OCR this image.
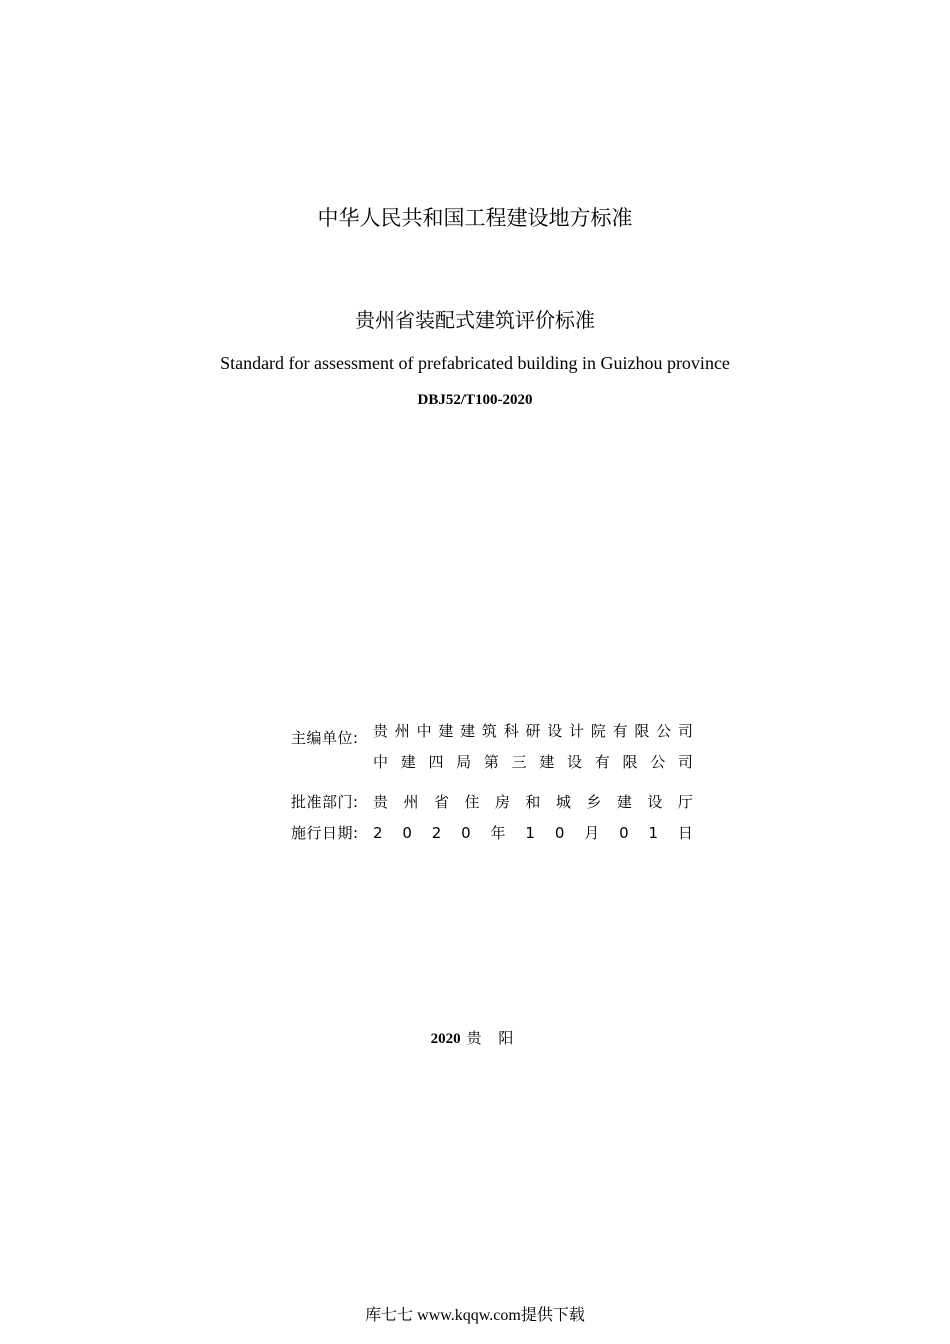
中华人民共和国工程建设地方标准
贵州省装配式建筑评价标准
Standard for assessment of prefabricated building in Guizhou province
DBJ52/T100-2020
主编单位: 贵 州 中 建 建 筑 科 研 设 计 院 有 限 公 司
中 建 四 局 第 三 建 设 有 限 公 司
批准部门: 贵 州 省 住 房 和 城 乡 建 设 厅
施行日期: 2 0 2 0 年 1 0 月 0 1 日
2020 贵 阳
库七七 www.kqqw.com提供下载
